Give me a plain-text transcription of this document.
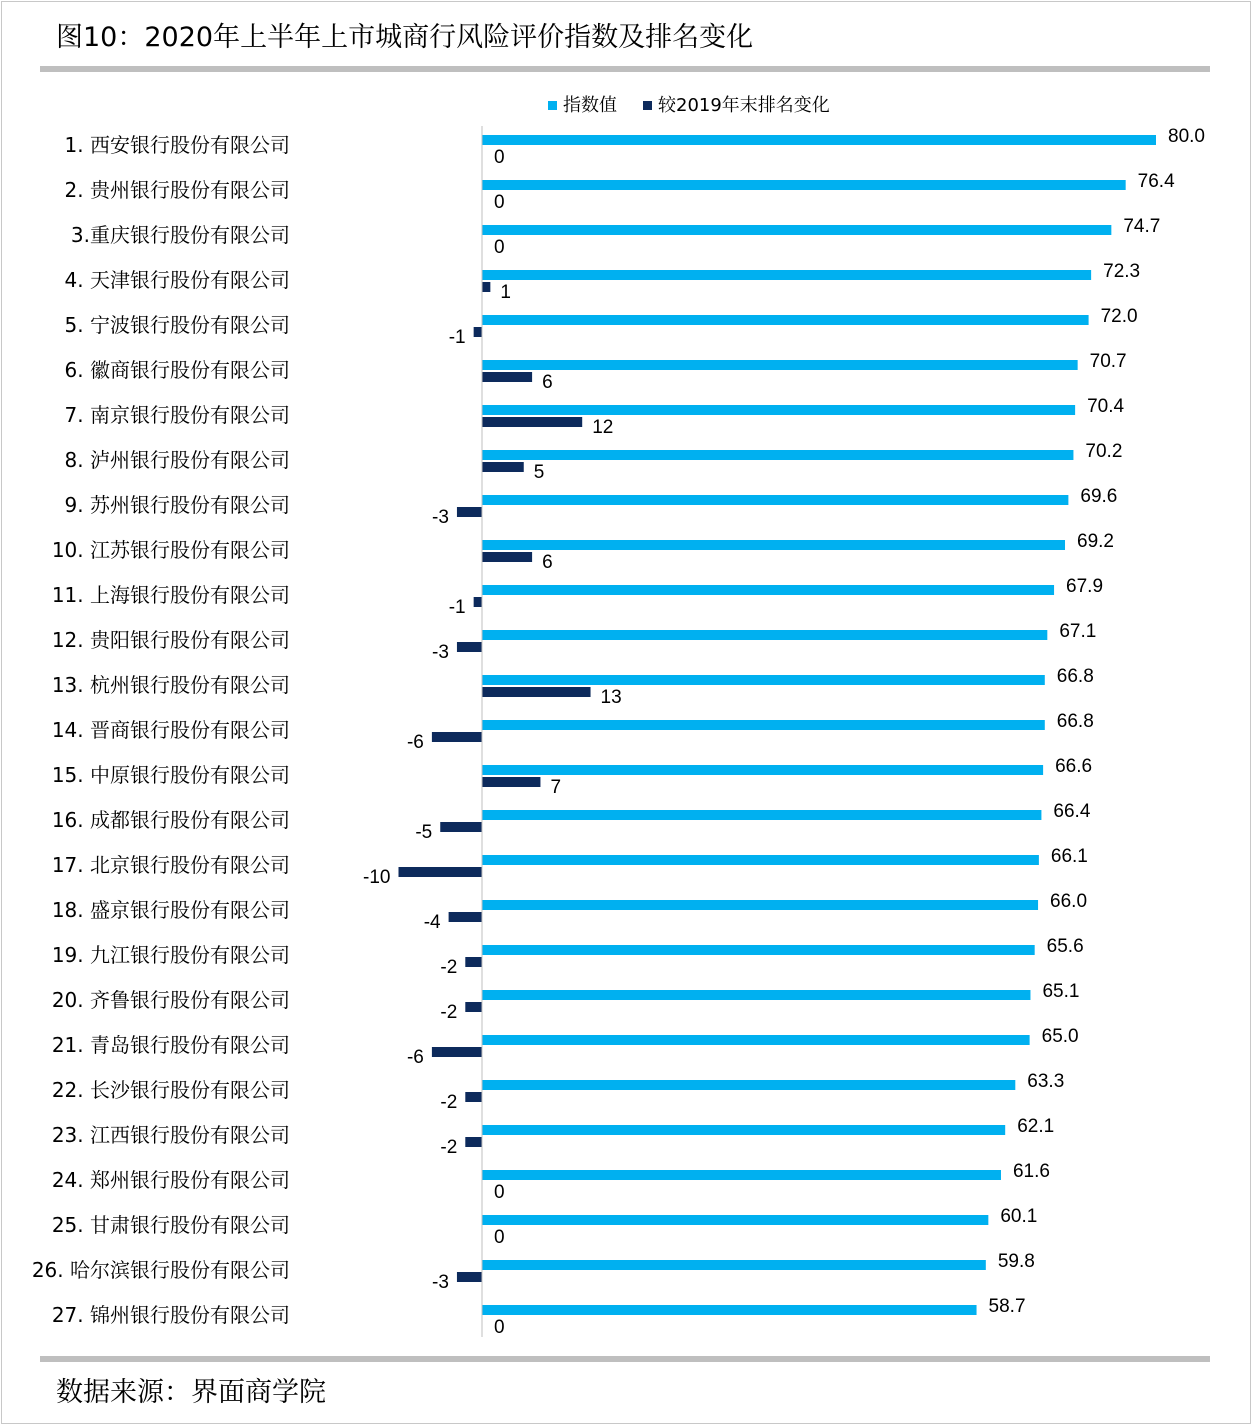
图10：2020年上半年上市城商行风险评价指数及排名变化
指数值 较2019年末排名变化
1. 西安银行股份有限公司	80.0
0
2. 贵州银行股份有限公司	76.4
0
3.重庆银行股份有限公司	74.7
0
4. 天津银行股份有限公司	72.3
1
5. 宁波银行股份有限公司	72.0
-1
6. 徽商银行股份有限公司	70.7
6
7. 南京银行股份有限公司	70.4
12
8. 泸州银行股份有限公司	70.2
5
9. 苏州银行股份有限公司	69.6
-3
10. 江苏银行股份有限公司	69.2
6
11. 上海银行股份有限公司	67.9
-1
12. 贵阳银行股份有限公司	67.1
-3
13. 杭州银行股份有限公司	66.8
13
14. 晋商银行股份有限公司	66.8
-6
15. 中原银行股份有限公司	66.6
7
16. 成都银行股份有限公司	66.4
-5
17. 北京银行股份有限公司	66.1
-10
18. 盛京银行股份有限公司	66.0
-4
19. 九江银行股份有限公司	65.6
-2
20. 齐鲁银行股份有限公司	65.1
-2
21. 青岛银行股份有限公司	65.0
-6
22. 长沙银行股份有限公司	63.3
-2
23. 江西银行股份有限公司	62.1
-2
24. 郑州银行股份有限公司	61.6
0
25. 甘肃银行股份有限公司	60.1
0
26. 哈尔滨银行股份有限公司	59.8
-3
27. 锦州银行股份有限公司	58.7
0
数据来源：界面商学院
